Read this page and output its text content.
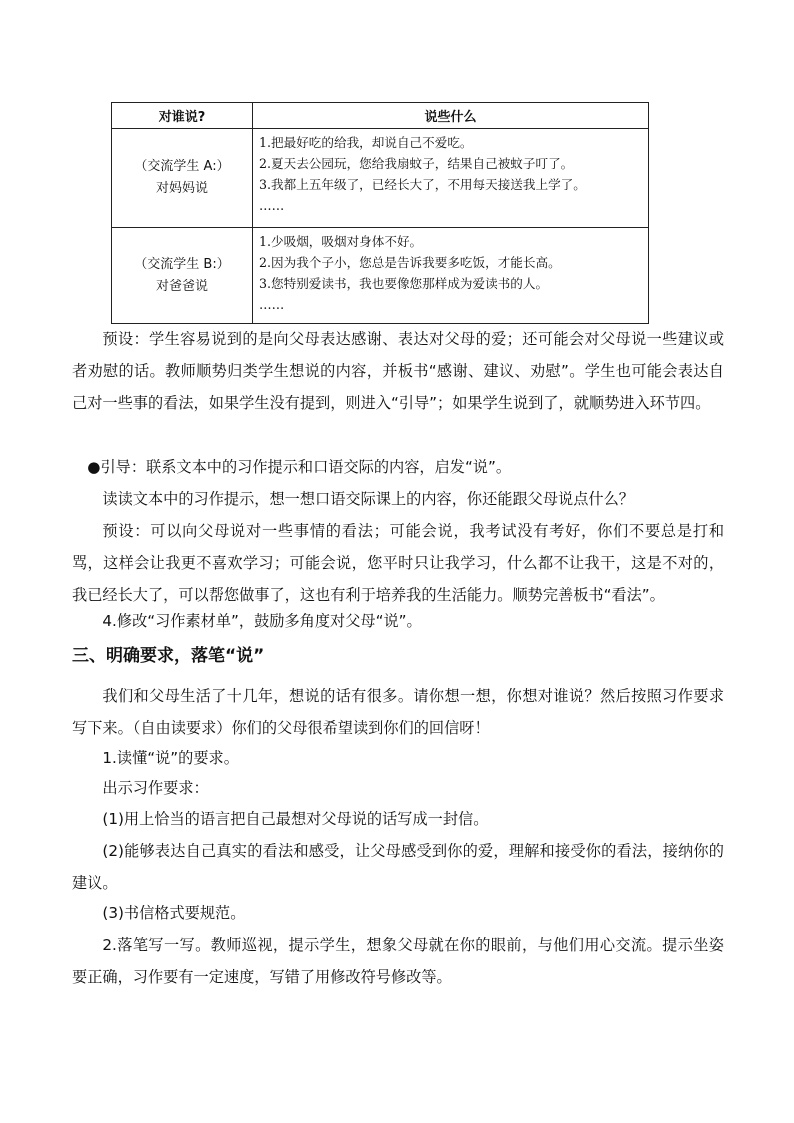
对谁说?	说些什么

（交流学生 A:）
对妈妈说	1.把最好吃的给我，却说自己不爱吃。
2.夏天去公园玩，您给我扇蚊子，结果自己被蚊子叮了。
3.我都上五年级了，已经长大了，不用每天接送我上学了。
……

（交流学生 B:）
对爸爸说	1.少吸烟，吸烟对身体不好。
2.因为我个子小，您总是告诉我要多吃饭，才能长高。
3.您特别爱读书，我也要像您那样成为爱读书的人。
……

预设：学生容易说到的是向父母表达感谢、表达对父母的爱；还可能会对父母说一些建议或者劝慰的话。教师顺势归类学生想说的内容，并板书“感谢、建议、劝慰”。学生也可能会表达自己对一些事的看法，如果学生没有提到，则进入“引导”；如果学生说到了，就顺势进入环节四。

●引导：联系文本中的习作提示和口语交际的内容，启发“说”。

读读文本中的习作提示，想一想口语交际课上的内容，你还能跟父母说点什么？

预设：可以向父母说对一些事情的看法；可能会说，我考试没有考好，你们不要总是打和骂，这样会让我更不喜欢学习；可能会说，您平时只让我学习，什么都不让我干，这是不对的，我已经长大了，可以帮您做事了，这也有利于培养我的生活能力。顺势完善板书“看法”。

4.修改“习作素材单”，鼓励多角度对父母“说”。

三、明确要求，落笔“说”

我们和父母生活了十几年，想说的话有很多。请你想一想，你想对谁说？然后按照习作要求写下来。（自由读要求）你们的父母很希望读到你们的回信呀！

1.读懂“说”的要求。

出示习作要求：

(1)用上恰当的语言把自己最想对父母说的话写成一封信。

(2)能够表达自己真实的看法和感受，让父母感受到你的爱，理解和接受你的看法，接纳你的建议。

(3)书信格式要规范。

2.落笔写一写。教师巡视，提示学生，想象父母就在你的眼前，与他们用心交流。提示坐姿要正确，习作要有一定速度，写错了用修改符号修改等。
